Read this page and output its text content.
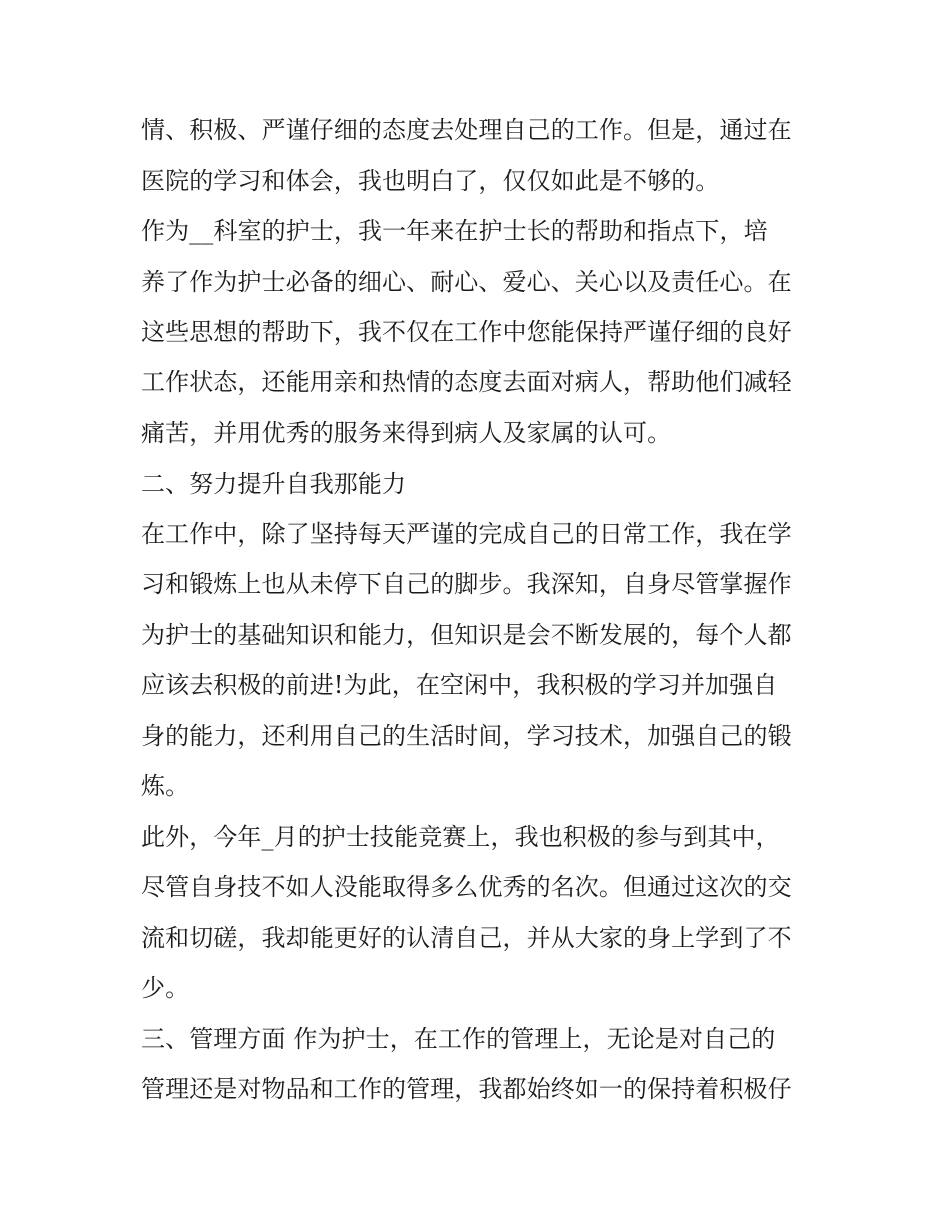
情、积极、严谨仔细的态度去处理自己的工作。但是，通过在
医院的学习和体会，我也明白了，仅仅如此是不够的。
作为__科室的护士，我一年来在护士长的帮助和指点下，培
养了作为护士必备的细心、耐心、爱心、关心以及责任心。在
这些思想的帮助下，我不仅在工作中您能保持严谨仔细的良好
工作状态，还能用亲和热情的态度去面对病人，帮助他们减轻
痛苦，并用优秀的服务来得到病人及家属的认可。
二、努力提升自我那能力
在工作中，除了坚持每天严谨的完成自己的日常工作，我在学
习和锻炼上也从未停下自己的脚步。我深知，自身尽管掌握作
为护士的基础知识和能力，但知识是会不断发展的，每个人都
应该去积极的前进!为此，在空闲中，我积极的学习并加强自
身的能力，还利用自己的生活时间，学习技术，加强自己的锻
炼。
此外，今年_月的护士技能竞赛上，我也积极的参与到其中，
尽管自身技不如人没能取得多么优秀的名次。但通过这次的交
流和切磋，我却能更好的认清自己，并从大家的身上学到了不
少。
三、管理方面 作为护士，在工作的管理上，无论是对自己的
管理还是对物品和工作的管理，我都始终如一的保持着积极仔
